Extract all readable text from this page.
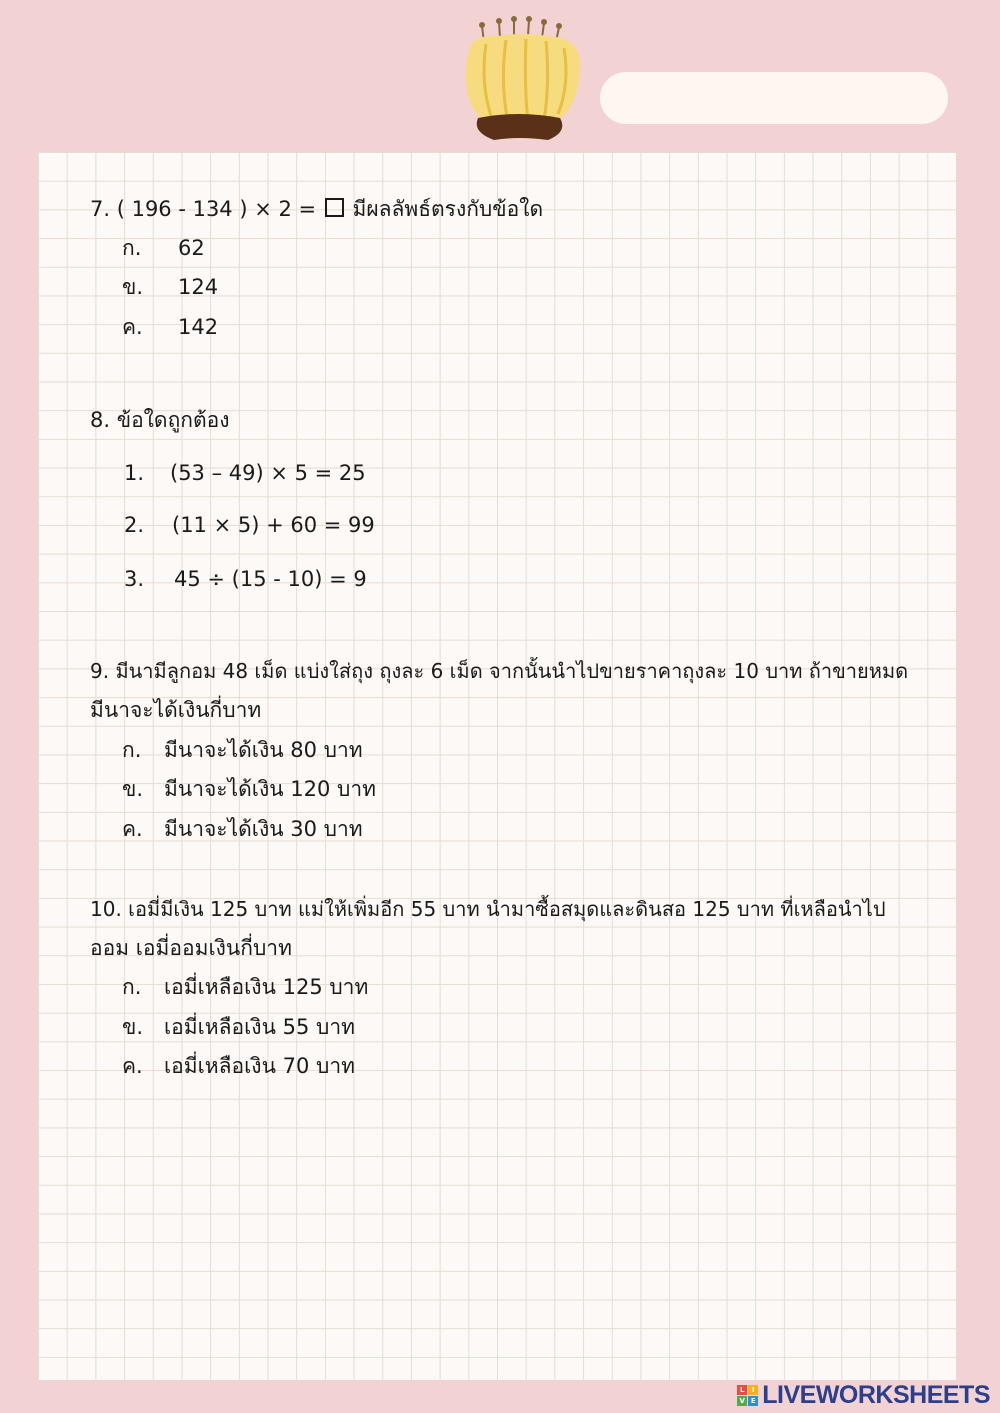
7. ( 196 - 134 ) × 2 = มีผลลัพธ์ตรงกับข้อใด
ก. 62
ข. 124
ค. 142
8. ข้อใดถูกต้อง
1. (53 – 49) × 5 = 25
2. (11 × 5) + 60 = 99
3. 45 ÷ (15 - 10) = 9
9. มีนามีลูกอม 48 เม็ด แบ่งใส่ถุง ถุงละ 6 เม็ด จากนั้นนำไปขายราคาถุงละ 10 บาท ถ้าขายหมด
มีนาจะได้เงินกี่บาท
ก. มีนาจะได้เงิน 80 บาท
ข. มีนาจะได้เงิน 120 บาท
ค. มีนาจะได้เงิน 30 บาท
10. เอมี่มีเงิน 125 บาท แม่ให้เพิ่มอีก 55 บาท นำมาซื้อสมุดและดินสอ 125 บาท ที่เหลือนำไป
ออม เอมี่ออมเงินกี่บาท
ก. เอมี่เหลือเงิน 125 บาท
ข. เอมี่เหลือเงิน 55 บาท
ค. เอมี่เหลือเงิน 70 บาท
L	I
V E LIVEWORKSHEETS
